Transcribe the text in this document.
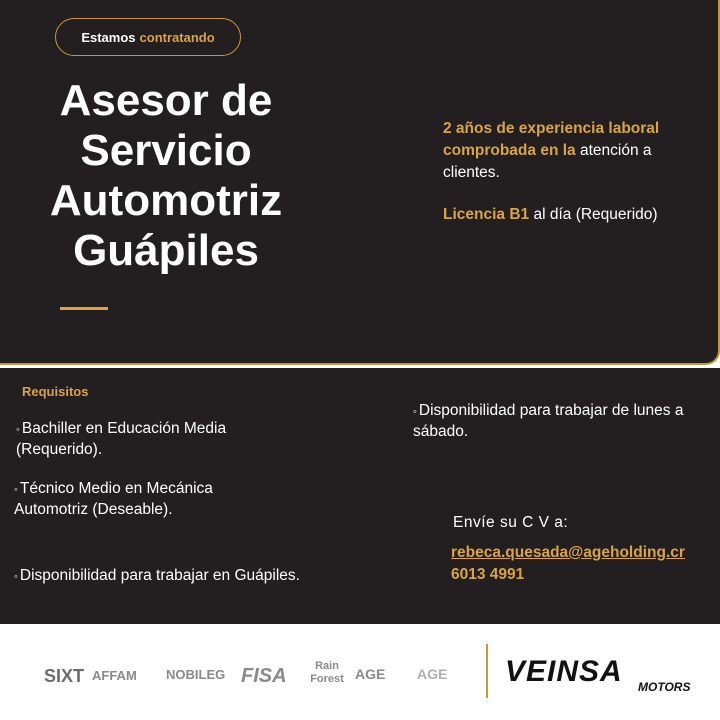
Estamos contratando
Asesor de
Servicio
Automotriz
Guápiles

2 años de experiencia laboral comprobada en la atención a clientes.

Licencia B1 al día (Requerido)

Requisitos
◦ Bachiller en Educación Media (Requerido).
◦ Técnico Medio en Mecánica Automotriz (Deseable).
◦ Disponibilidad para trabajar en Guápiles.
◦ Disponibilidad para trabajar de lunes a sábado.
Envíe su C V a:
rebeca.quesada@ageholding.cr
6013 4991
SIXT AFFAM NOBILEG FISA	Rain Forest AGE AGE VEINSA MOTORS
